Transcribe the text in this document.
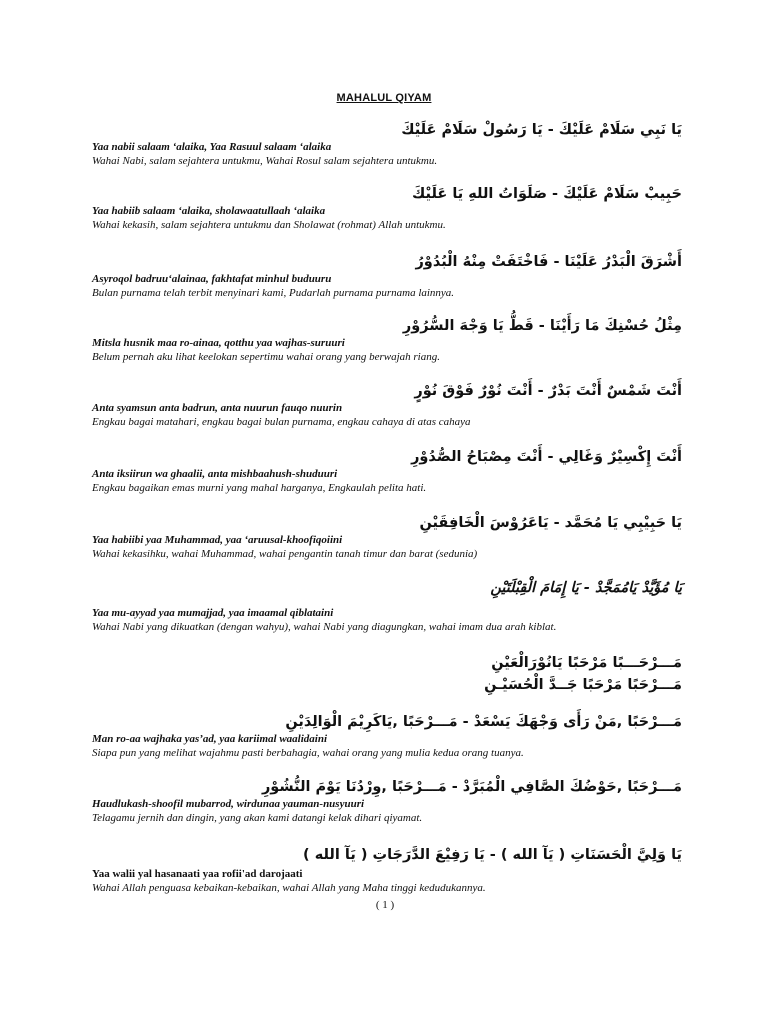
MAHALUL QIYAM
يَا نَبِي سَلَامْ عَلَيْكَ - يَا رَسُولْ سَلَامْ عَلَيْكَ
Yaa nabii salaam ‘alaika, Yaa Rasuul salaam ‘alaika
Wahai Nabi, salam sejahtera untukmu, Wahai Rosul salam sejahtera untukmu.
حَبِيبْ سَلَامْ عَلَيْكَ - صَلَوَاتُ اللهِ يَا عَلَيْكَ
Yaa habiib salaam ‘alaika, sholawaatullaah ‘alaika
Wahai kekasih, salam sejahtera untukmu dan Sholawat (rohmat) Allah untukmu.
أَشْرَقَ الْبَدْرُ عَلَيْنَا - فَاخْتَفَتْ مِنْهُ الْبُدُوْرُ
Asyroqol badruu‘alainaa, fakhtafat minhul buduuru
Bulan purnama telah terbit menyinari kami, Pudarlah purnama purnama lainnya.
مِثْلُ حُسْنِكَ مَا رَأَيْنَا - قَطُّ يَا وَجْهَ السُّرُوْرِ
Mitsla husnik maa ro-ainaa, qotthu yaa wajhas-suruuri
Belum pernah aku lihat keelokan sepertimu wahai orang yang berwajah riang.
أَنْتَ شَمْسٌ أَنْتَ بَدْرٌ - أَنْتَ نُوْرٌ فَوْقَ نُوْرٍ
Anta syamsun anta badrun, anta nuurun fauqo nuurin
Engkau bagai matahari, engkau bagai bulan purnama, engkau cahaya di atas cahaya
أَنْتَ إِكْسِيْرٌ وَغَالِي - أَنْتَ مِصْبَاحُ الصُّدُوْرِ
Anta iksiirun wa ghaalii, anta mishbaahush-shuduuri
Engkau bagaikan emas murni yang mahal harganya, Engkaulah pelita hati.
يَا حَبِيْبِي يَا مُحَمَّد - يَاعَرُوْسَ الْخَافِقَيْنِ
Yaa habiibi yaa Muhammad, yaa ‘aruusal-khoofiqoiini
Wahai kekasihku, wahai Muhammad, wahai pengantin tanah timur dan barat (sedunia)
يَا مُؤَيَّدْ يَامُمَجَّدْ - يَا إِمَامَ الْقِبْلَتَيْنِ
Yaa mu-ayyad yaa mumajjad, yaa imaamal qiblataini
Wahai Nabi yang dikuatkan (dengan wahyu), wahai Nabi yang diagungkan, wahai imam dua arah kiblat.
مَـــرْحَـــبًا مَرْحَبًا يَانُوْرَالْعَيْنِ
مَـــرْحَبًا مَرْحَبًا جَــدَّ الْحُسَيْـنِ
مَـــرْحَبًا ,مَنْ رَأَى وَجْهَكَ يَسْعَدْ - مَـــرْحَبًا ,يَاكَرِيْمَ الْوَالِدَيْنِ
Man ro-aa wajhaka yas’ad, yaa kariimal waalidaini
Siapa pun yang melihat wajahmu pasti berbahagia, wahai orang yang mulia kedua orang tuanya.
مَـــرْحَبًا ,حَوْضُكَ الصَّافِي الْمُبَرَّدْ - مَـــرْحَبًا ,وِرْدُنَا يَوْمَ النُّشُوْرِ
Haudlukash-shoofil mubarrod, wirdunaa yauman-nusyuuri
Telagamu jernih dan dingin, yang akan kami datangi kelak dihari qiyamat.
يَا وَلِيَّ الْحَسَنَاتِ ( يَآ الله ) - يَا رَفِيْعَ الدَّرَجَاتِ ( يَآ الله )
Yaa walii yal hasanaati yaa rofii'ad darojaati
Wahai Allah penguasa kebaikan-kebaikan, wahai Allah yang Maha tinggi kedudukannya.
( 1 )
